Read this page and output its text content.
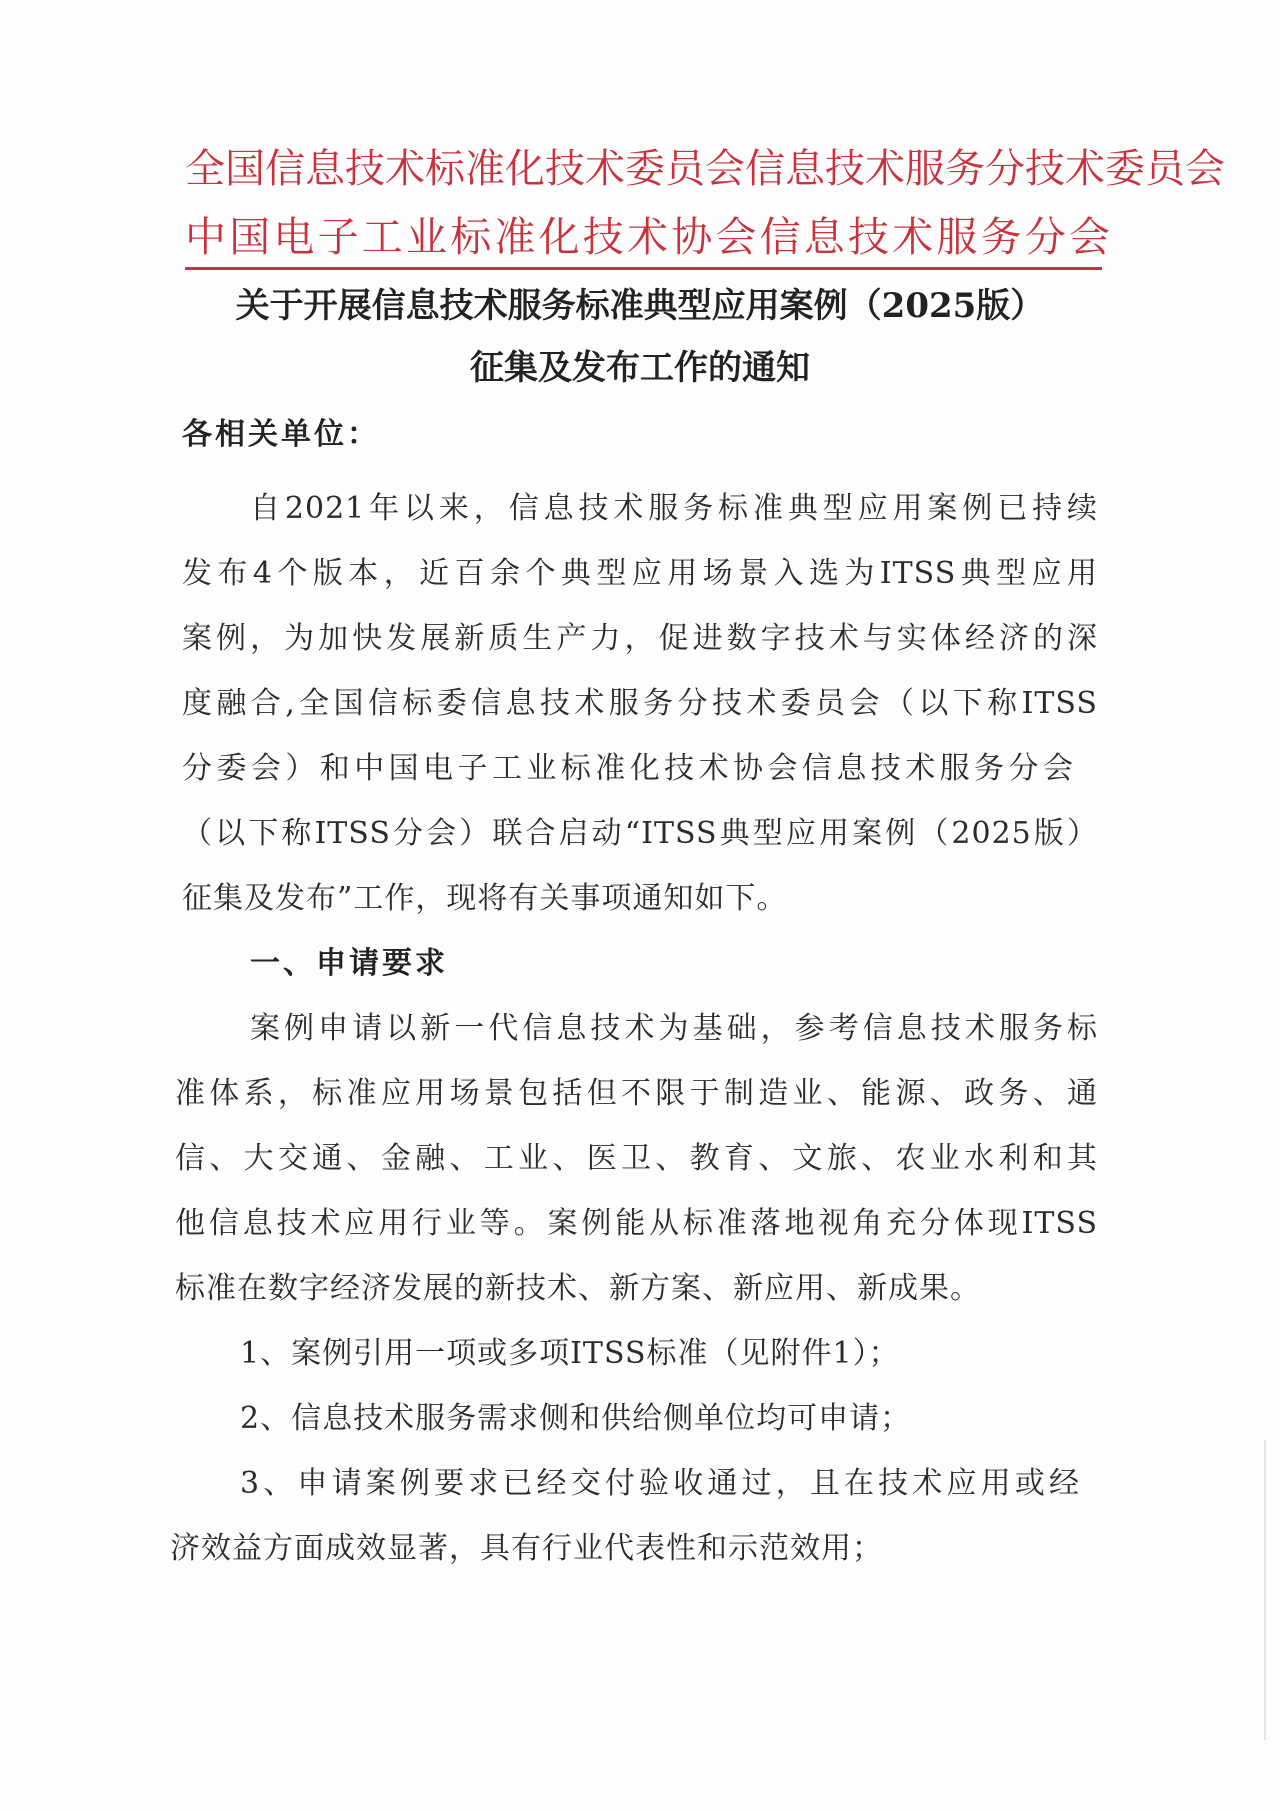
全国信息技术标准化技术委员会信息技术服务分技术委员会
中国电子工业标准化技术协会信息技术服务分会
关于开展信息技术服务标准典型应用案例（2025版）
征集及发布工作的通知
各相关单位：
自2021年以来，信息技术服务标准典型应用案例已持续
发布4个版本，近百余个典型应用场景入选为ITSS典型应用
案例，为加快发展新质生产力，促进数字技术与实体经济的深
度融合,全国信标委信息技术服务分技术委员会（以下称ITSS
分委会）和中国电子工业标准化技术协会信息技术服务分会
（以下称ITSS分会）联合启动“ITSS典型应用案例（2025版）
征集及发布”工作，现将有关事项通知如下。
一、申请要求
案例申请以新一代信息技术为基础，参考信息技术服务标
准体系，标准应用场景包括但不限于制造业、能源、政务、通
信、大交通、金融、工业、医卫、教育、文旅、农业水利和其
他信息技术应用行业等。案例能从标准落地视角充分体现ITSS
标准在数字经济发展的新技术、新方案、新应用、新成果。
1、案例引用一项或多项ITSS标准（见附件1）；
2、信息技术服务需求侧和供给侧单位均可申请；
3、申请案例要求已经交付验收通过，且在技术应用或经
济效益方面成效显著，具有行业代表性和示范效用；
